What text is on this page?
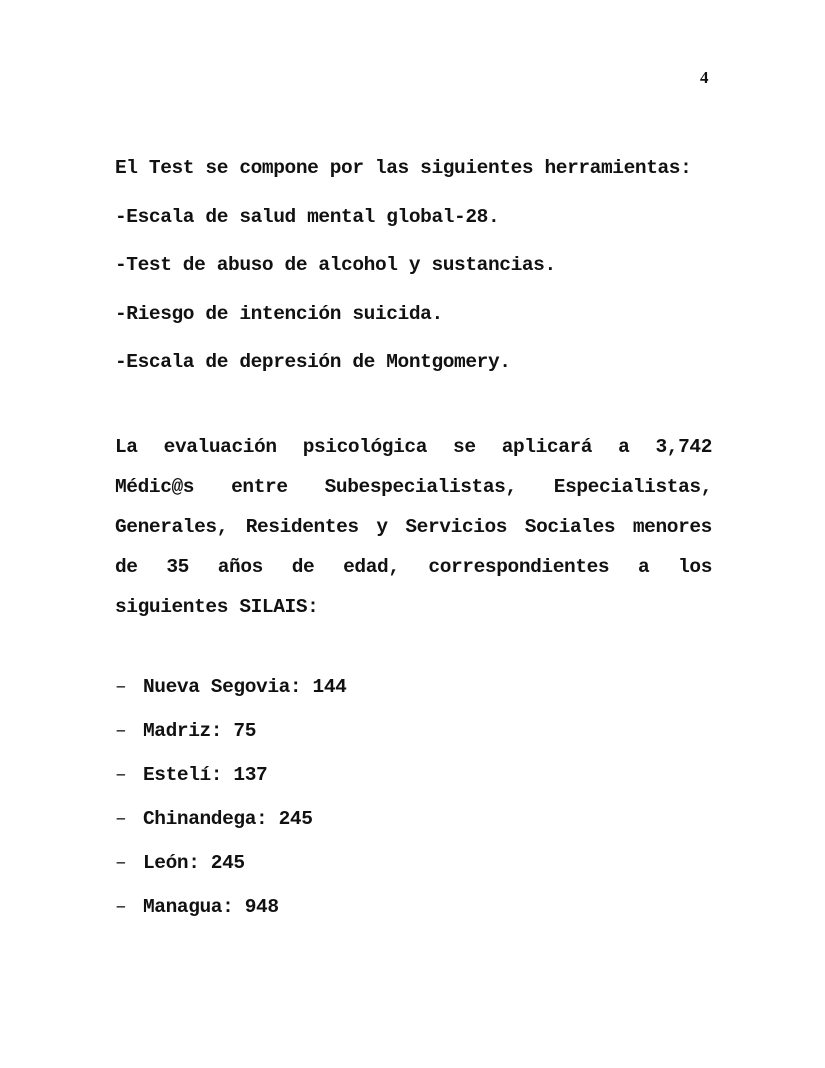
4

El Test se compone por las siguientes herramientas:

-Escala de salud mental global-28.

-Test de abuso de alcohol y sustancias.

-Riesgo de intención suicida.

-Escala de depresión de Montgomery.

La evaluación psicológica se aplicará a 3,742 Médic@s entre Subespecialistas, Especialistas, Generales, Residentes y Servicios Sociales menores de 35 años de edad, correspondientes a los siguientes SILAIS:

– Nueva Segovia: 144
– Madriz: 75
– Estelí: 137
– Chinandega: 245
– León: 245
– Managua: 948
